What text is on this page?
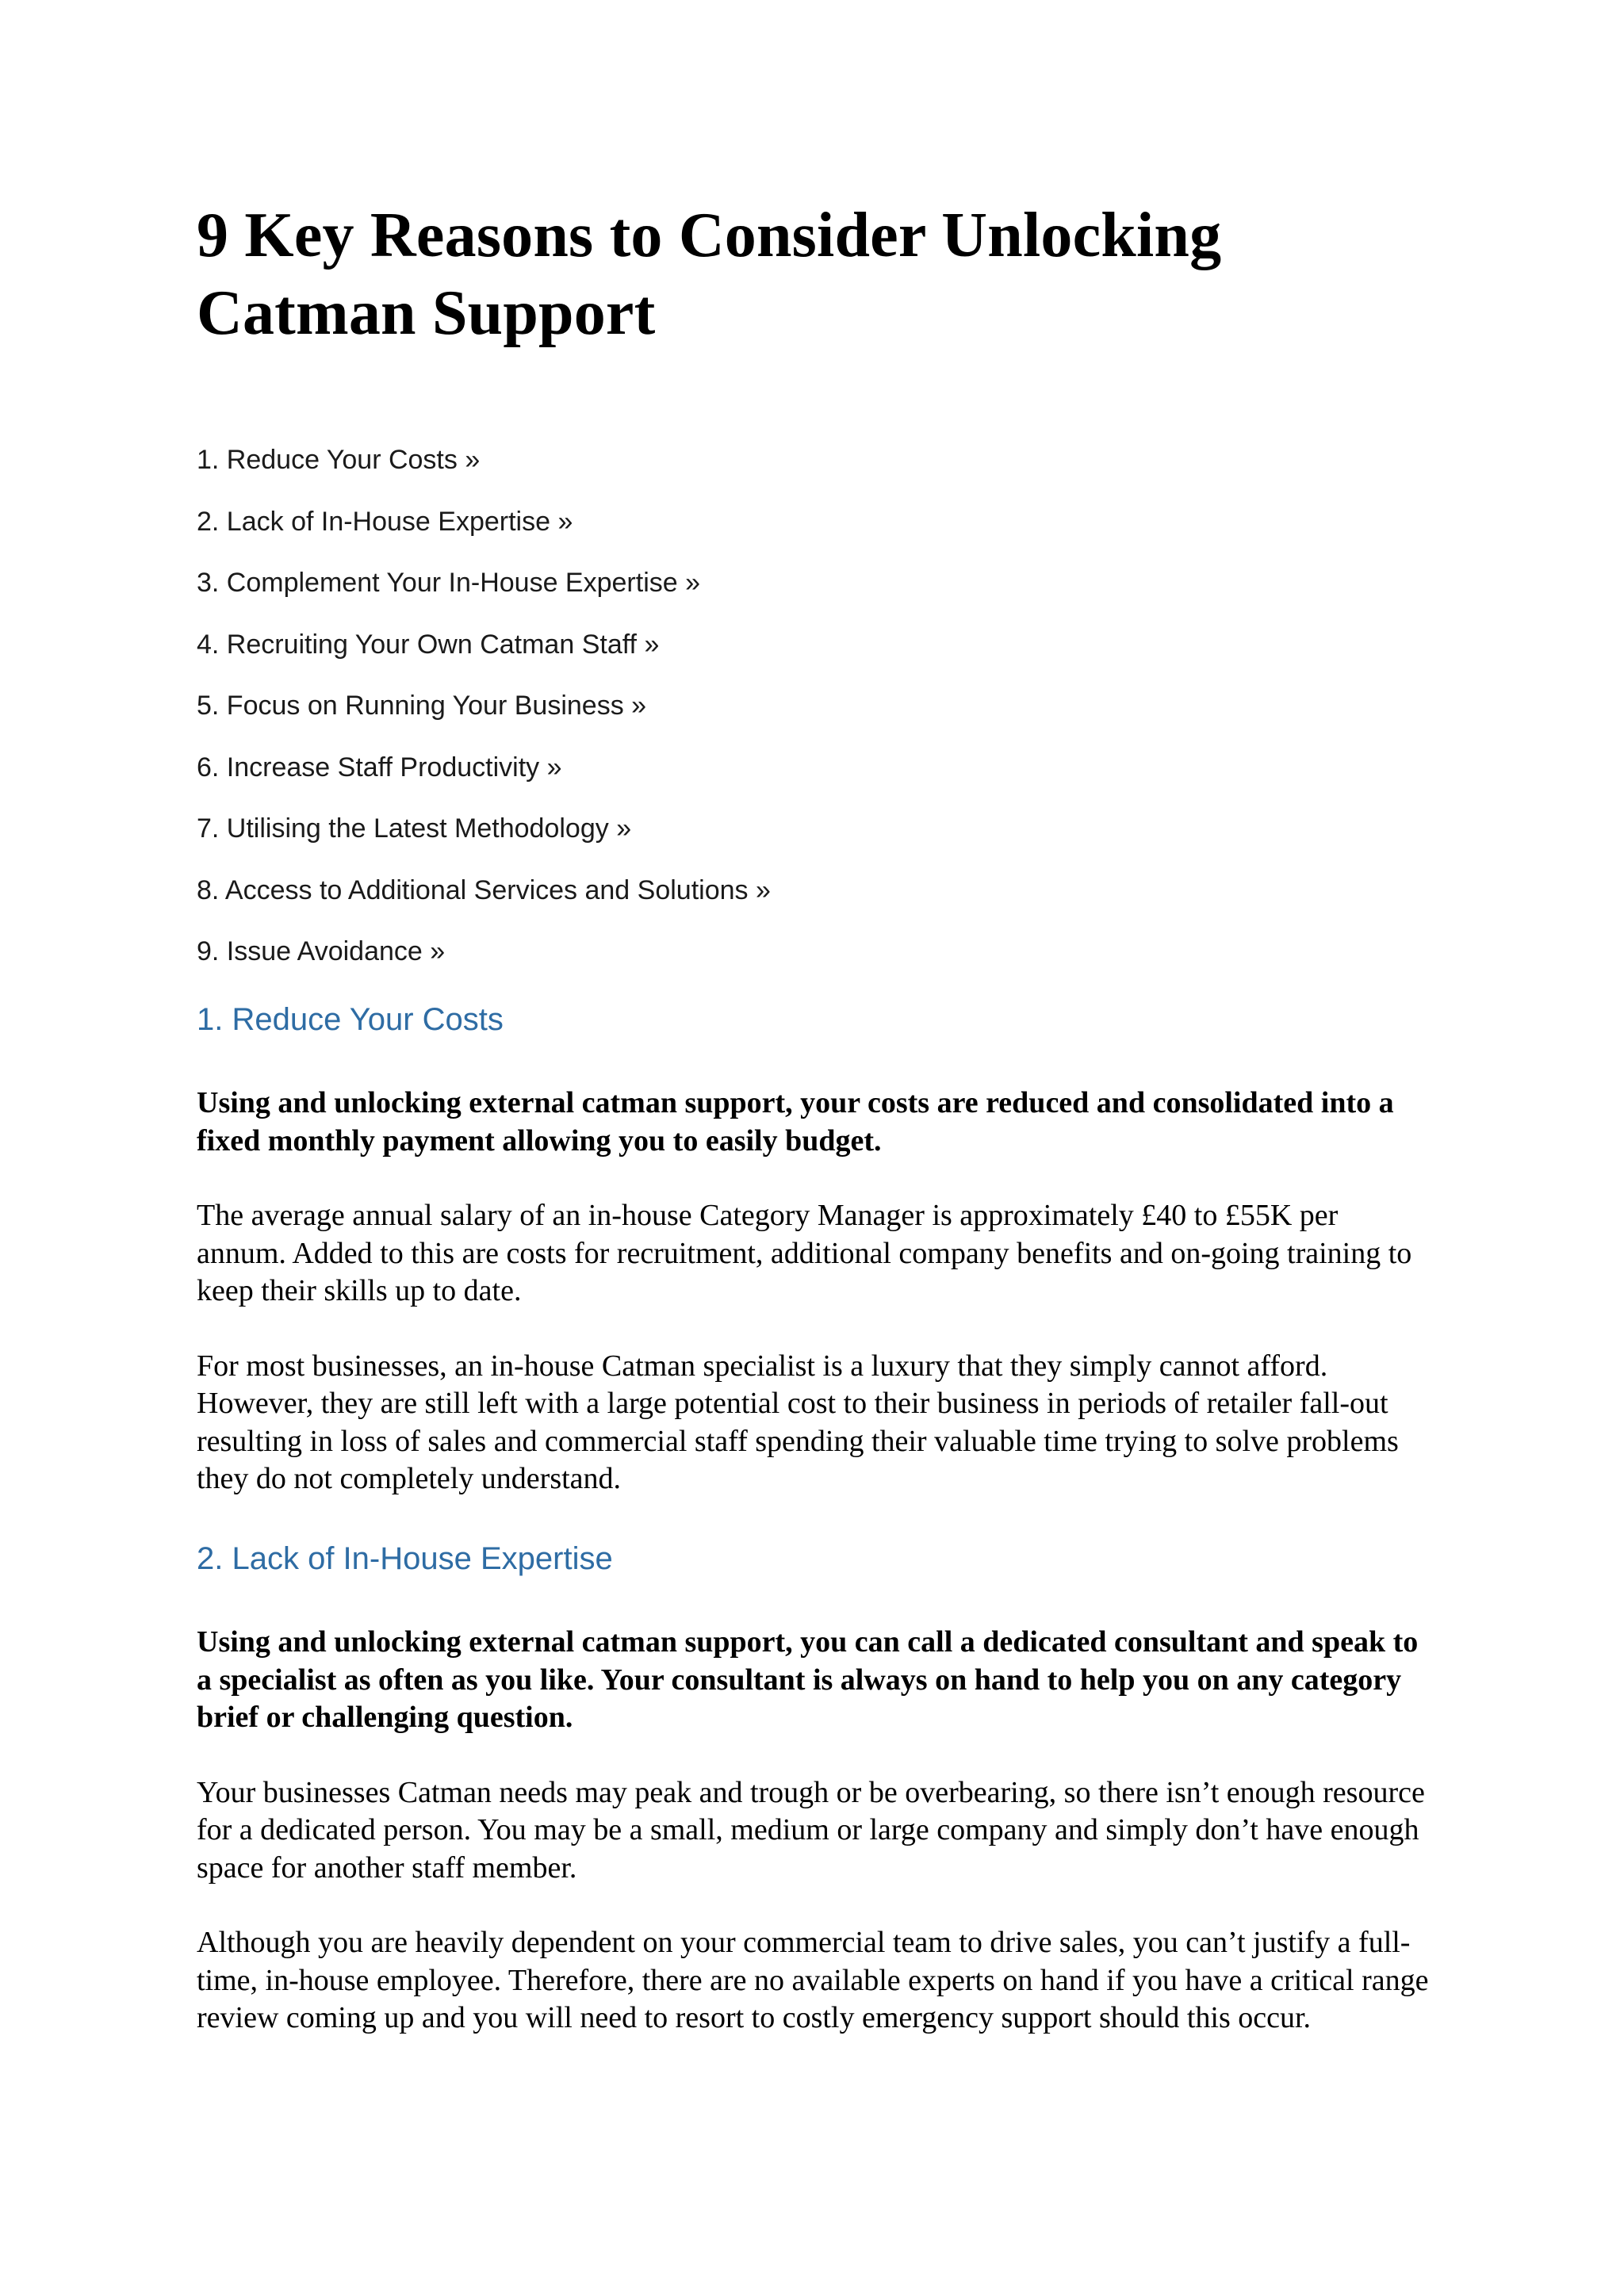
9 Key Reasons to Consider Unlocking Catman Support
1. Reduce Your Costs »
2. Lack of In-House Expertise »
3. Complement Your In-House Expertise »
4. Recruiting Your Own Catman Staff »
5. Focus on Running Your Business »
6. Increase Staff Productivity »
7. Utilising the Latest Methodology »
8. Access to Additional Services and Solutions »
9. Issue Avoidance »
1. Reduce Your Costs

Using and unlocking external catman support, your costs are reduced and consolidated into a fixed monthly payment allowing you to easily budget.

The average annual salary of an in-house Category Manager is approximately £40 to £55K per annum. Added to this are costs for recruitment, additional company benefits and on-going training to keep their skills up to date.

For most businesses, an in-house Catman specialist is a luxury that they simply cannot afford. However, they are still left with a large potential cost to their business in periods of retailer fall-out resulting in loss of sales and commercial staff spending their valuable time trying to solve problems they do not completely understand.

2. Lack of In-House Expertise

Using and unlocking external catman support, you can call a dedicated consultant and speak to a specialist as often as you like. Your consultant is always on hand to help you on any category brief or challenging question.

Your businesses Catman needs may peak and trough or be overbearing, so there isn’t enough resource for a dedicated person. You may be a small, medium or large company and simply don’t have enough space for another staff member.

Although you are heavily dependent on your commercial team to drive sales, you can’t justify a full-time, in-house employee. Therefore, there are no available experts on hand if you have a critical range review coming up and you will need to resort to costly emergency support should this occur.
